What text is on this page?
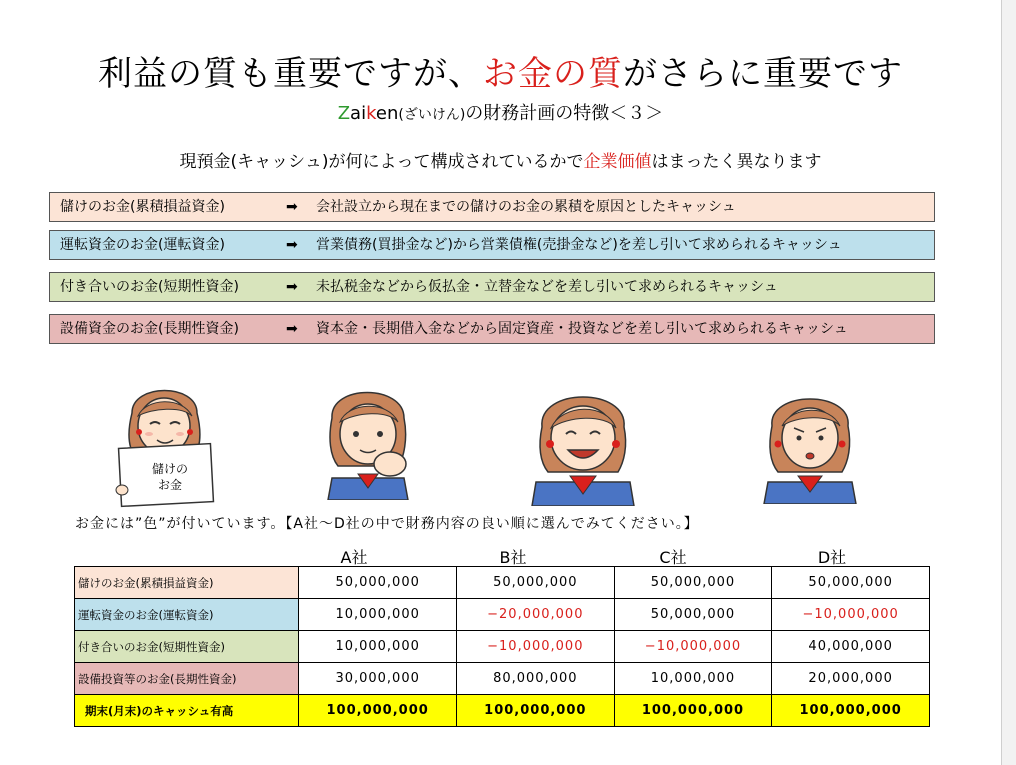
利益の質も重要ですが、お金の質がさらに重要です
Zaiken(ざいけん)の財務計画の特徴＜３＞
現預金(キャッシュ)が何によって構成されているかで企業価値はまったく異なります
儲けのお金(累積損益資金)	➡ 会社設立から現在までの儲けのお金の累積を原因としたキャッシュ
運転資金のお金(運転資金)	➡ 営業債務(買掛金など)から営業債権(売掛金など)を差し引いて求められるキャッシュ
付き合いのお金(短期性資金)	➡ 未払税金などから仮払金・立替金などを差し引いて求められるキャッシュ
設備資金のお金(長期性資金)	➡ 資本金・長期借入金などから固定資産・投資などを差し引いて求められるキャッシュ
儲けの
お金
お金には”色”が付いています。【A社～D社の中で財務内容の良い順に選んでみてください。】
A社	B社	C社	D社
儲けのお金(累積損益資金)	50,000,000	50,000,000	50,000,000	50,000,000
運転資金のお金(運転資金)	10,000,000	−20,000,000	50,000,000	−10,000,000
付き合いのお金(短期性資金)	10,000,000	−10,000,000	−10,000,000	40,000,000
設備投資等のお金(長期性資金)	30,000,000	80,000,000	10,000,000	20,000,000
期末(月末)のキャッシュ有高	100,000,000	100,000,000	100,000,000	100,000,000
